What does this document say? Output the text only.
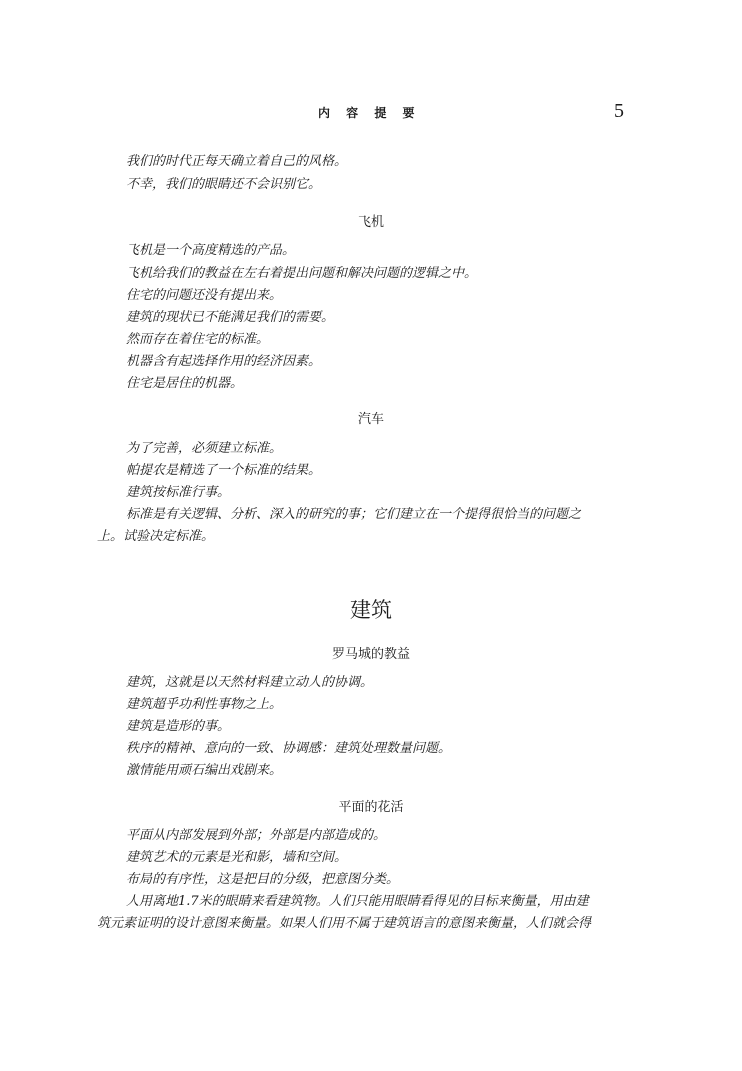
内 容 提 要	5
我们的时代正每天确立着自己的风格。
不幸，我们的眼睛还不会识别它。
飞机
飞机是一个高度精选的产品。
飞机给我们的教益在左右着提出问题和解决问题的逻辑之中。
住宅的问题还没有提出来。
建筑的现状已不能满足我们的需要。
然而存在着住宅的标准。
机器含有起选择作用的经济因素。
住宅是居住的机器。
汽车
为了完善，必须建立标准。
帕提农是精选了一个标准的结果。
建筑按标准行事。
标准是有关逻辑、分析、深入的研究的事；它们建立在一个提得很恰当的问题之
上。试验决定标准。
建筑
罗马城的教益
建筑，这就是以天然材料建立动人的协调。
建筑超乎功利性事物之上。
建筑是造形的事。
秩序的精神、意向的一致、协调感：建筑处理数量问题。
激情能用顽石编出戏剧来。
平面的花活
平面从内部发展到外部；外部是内部造成的。
建筑艺术的元素是光和影，墙和空间。
布局的有序性，这是把目的分级，把意图分类。
人用离地1.7米的眼睛来看建筑物。人们只能用眼睛看得见的目标来衡量，用由建
筑元素证明的设计意图来衡量。如果人们用不属于建筑语言的意图来衡量，人们就会得
